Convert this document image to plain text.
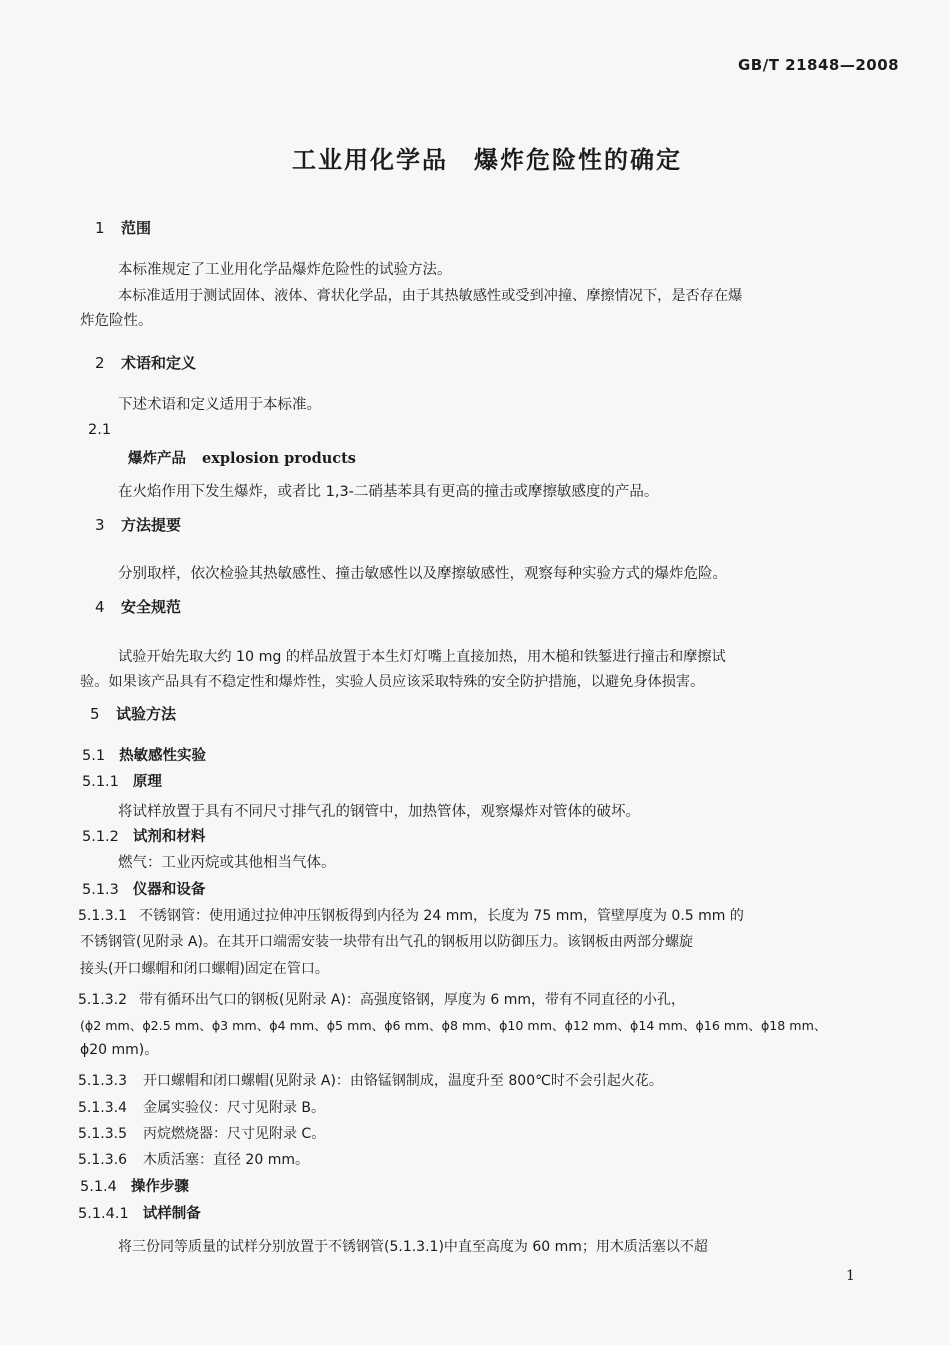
GB/T 21848—2008
工业用化学品　爆炸危险性的确定
1 范围
本标准规定了工业用化学品爆炸危险性的试验方法。
本标准适用于测试固体、液体、膏状化学品，由于其热敏感性或受到冲撞、摩擦情况下，是否存在爆
炸危险性。
2 术语和定义
下述术语和定义适用于本标准。
2.1
爆炸产品 explosion products
在火焰作用下发生爆炸，或者比 1,3-二硝基苯具有更高的撞击或摩擦敏感度的产品。
3 方法提要
分别取样，依次检验其热敏感性、撞击敏感性以及摩擦敏感性，观察每种实验方式的爆炸危险。
4 安全规范
试验开始先取大约 10 mg 的样品放置于本生灯灯嘴上直接加热，用木槌和铁錾进行撞击和摩擦试
验。如果该产品具有不稳定性和爆炸性，实验人员应该采取特殊的安全防护措施，以避免身体损害。
5 试验方法
5.1 热敏感性实验
5.1.1 原理
将试样放置于具有不同尺寸排气孔的钢管中，加热管体，观察爆炸对管体的破坏。
5.1.2 试剂和材料
燃气：工业丙烷或其他相当气体。
5.1.3 仪器和设备
5.1.3.1 不锈钢管：使用通过拉伸冲压钢板得到内径为 24 mm，长度为 75 mm，管壁厚度为 0.5 mm 的
不锈钢管(见附录 A)。在其开口端需安装一块带有出气孔的钢板用以防御压力。该钢板由两部分螺旋
接头(开口螺帽和闭口螺帽)固定在管口。
5.1.3.2 带有循环出气口的钢板(见附录 A)：高强度铬钢，厚度为 6 mm，带有不同直径的小孔，
(ϕ2 mm、ϕ2.5 mm、ϕ3 mm、ϕ4 mm、ϕ5 mm、ϕ6 mm、ϕ8 mm、ϕ10 mm、ϕ12 mm、ϕ14 mm、ϕ16 mm、ϕ18 mm、
ϕ20 mm)。
5.1.3.3 开口螺帽和闭口螺帽(见附录 A)：由铬锰钢制成，温度升至 800℃时不会引起火花。
5.1.3.4 金属实验仪：尺寸见附录 B。
5.1.3.5 丙烷燃烧器：尺寸见附录 C。
5.1.3.6 木质活塞：直径 20 mm。
5.1.4 操作步骤
5.1.4.1 试样制备
将三份同等质量的试样分别放置于不锈钢管(5.1.3.1)中直至高度为 60 mm；用木质活塞以不超
1
